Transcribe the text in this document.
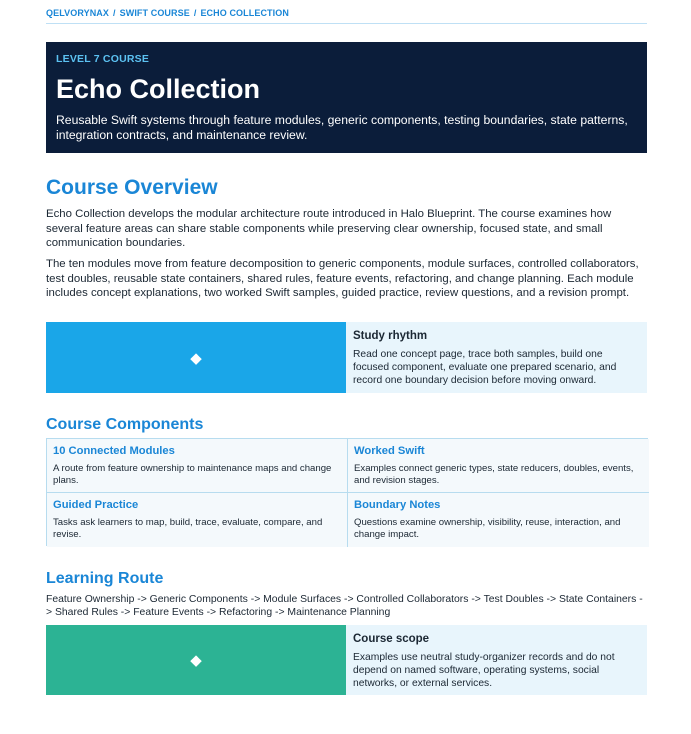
QELVORYNAX / SWIFT COURSE / ECHO COLLECTION
LEVEL 7 COURSE
Echo Collection
Reusable Swift systems through feature modules, generic components, testing boundaries, state patterns, integration contracts, and maintenance review.
Course Overview
Echo Collection develops the modular architecture route introduced in Halo Blueprint. The course examines how several feature areas can share stable components while preserving clear ownership, focused state, and small communication boundaries.
The ten modules move from feature decomposition to generic components, module surfaces, controlled collaborators, test doubles, reusable state containers, shared rules, feature events, refactoring, and change planning. Each module includes concept explanations, two worked Swift samples, guided practice, review questions, and a revision prompt.
◆
Study rhythm
Read one concept page, trace both samples, build one focused component, evaluate one prepared scenario, and record one boundary decision before moving onward.
Course Components
10 Connected Modules
A route from feature ownership to maintenance maps and change plans.
Worked Swift
Examples connect generic types, state reducers, doubles, events, and revision stages.
Guided Practice
Tasks ask learners to map, build, trace, evaluate, compare, and revise.
Boundary Notes
Questions examine ownership, visibility, reuse, interaction, and change impact.
Learning Route
Feature Ownership -> Generic Components -> Module Surfaces -> Controlled Collaborators -> Test Doubles -> State Containers -> Shared Rules -> Feature Events -> Refactoring -> Maintenance Planning
◆
Course scope
Examples use neutral study-organizer records and do not depend on named software, operating systems, social networks, or external services.
